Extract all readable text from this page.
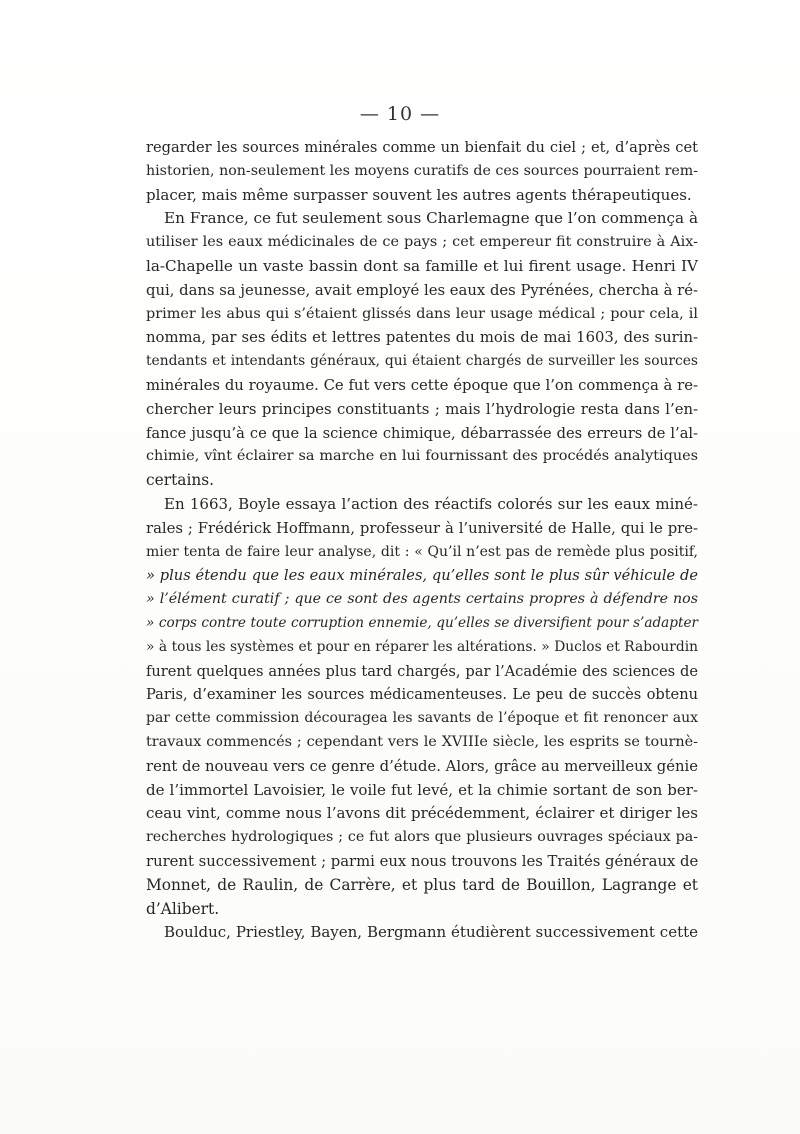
— 10 —
regarder les sources minérales comme un bienfait du ciel ; et, d’après cet
historien, non-seulement les moyens curatifs de ces sources pourraient rem-
placer, mais même surpasser souvent les autres agents thérapeutiques.
En France, ce fut seulement sous Charlemagne que l’on commença à
utiliser les eaux médicinales de ce pays ; cet empereur fit construire à Aix-
la-Chapelle un vaste bassin dont sa famille et lui firent usage. Henri IV
qui, dans sa jeunesse, avait employé les eaux des Pyrénées, chercha à ré-
primer les abus qui s’étaient glissés dans leur usage médical ; pour cela, il
nomma, par ses édits et lettres patentes du mois de mai 1603, des surin-
tendants et intendants généraux, qui étaient chargés de surveiller les sources
minérales du royaume. Ce fut vers cette époque que l’on commença à re-
chercher leurs principes constituants ; mais l’hydrologie resta dans l’en-
fance jusqu’à ce que la science chimique, débarrassée des erreurs de l’al-
chimie, vînt éclairer sa marche en lui fournissant des procédés analytiques
certains.
En 1663, Boyle essaya l’action des réactifs colorés sur les eaux miné-
rales ; Frédérick Hoffmann, professeur à l’université de Halle, qui le pre-
mier tenta de faire leur analyse, dit : « Qu’il n’est pas de remède plus positif,
» plus étendu que les eaux minérales, qu’elles sont le plus sûr véhicule de
» l’élément curatif ; que ce sont des agents certains propres à défendre nos
» corps contre toute corruption ennemie, qu’elles se diversifient pour s’adapter
» à tous les systèmes et pour en réparer les altérations. » Duclos et Rabourdin
furent quelques années plus tard chargés, par l’Académie des sciences de
Paris, d’examiner les sources médicamenteuses. Le peu de succès obtenu
par cette commission découragea les savants de l’époque et fit renoncer aux
travaux commencés ; cependant vers le XVIIIe siècle, les esprits se tournè-
rent de nouveau vers ce genre d’étude. Alors, grâce au merveilleux génie
de l’immortel Lavoisier, le voile fut levé, et la chimie sortant de son ber-
ceau vint, comme nous l’avons dit précédemment, éclairer et diriger les
recherches hydrologiques ; ce fut alors que plusieurs ouvrages spéciaux pa-
rurent successivement ; parmi eux nous trouvons les Traités généraux de
Monnet, de Raulin, de Carrère, et plus tard de Bouillon, Lagrange et
d’Alibert.
Boulduc, Priestley, Bayen, Bergmann étudièrent successivement cette
